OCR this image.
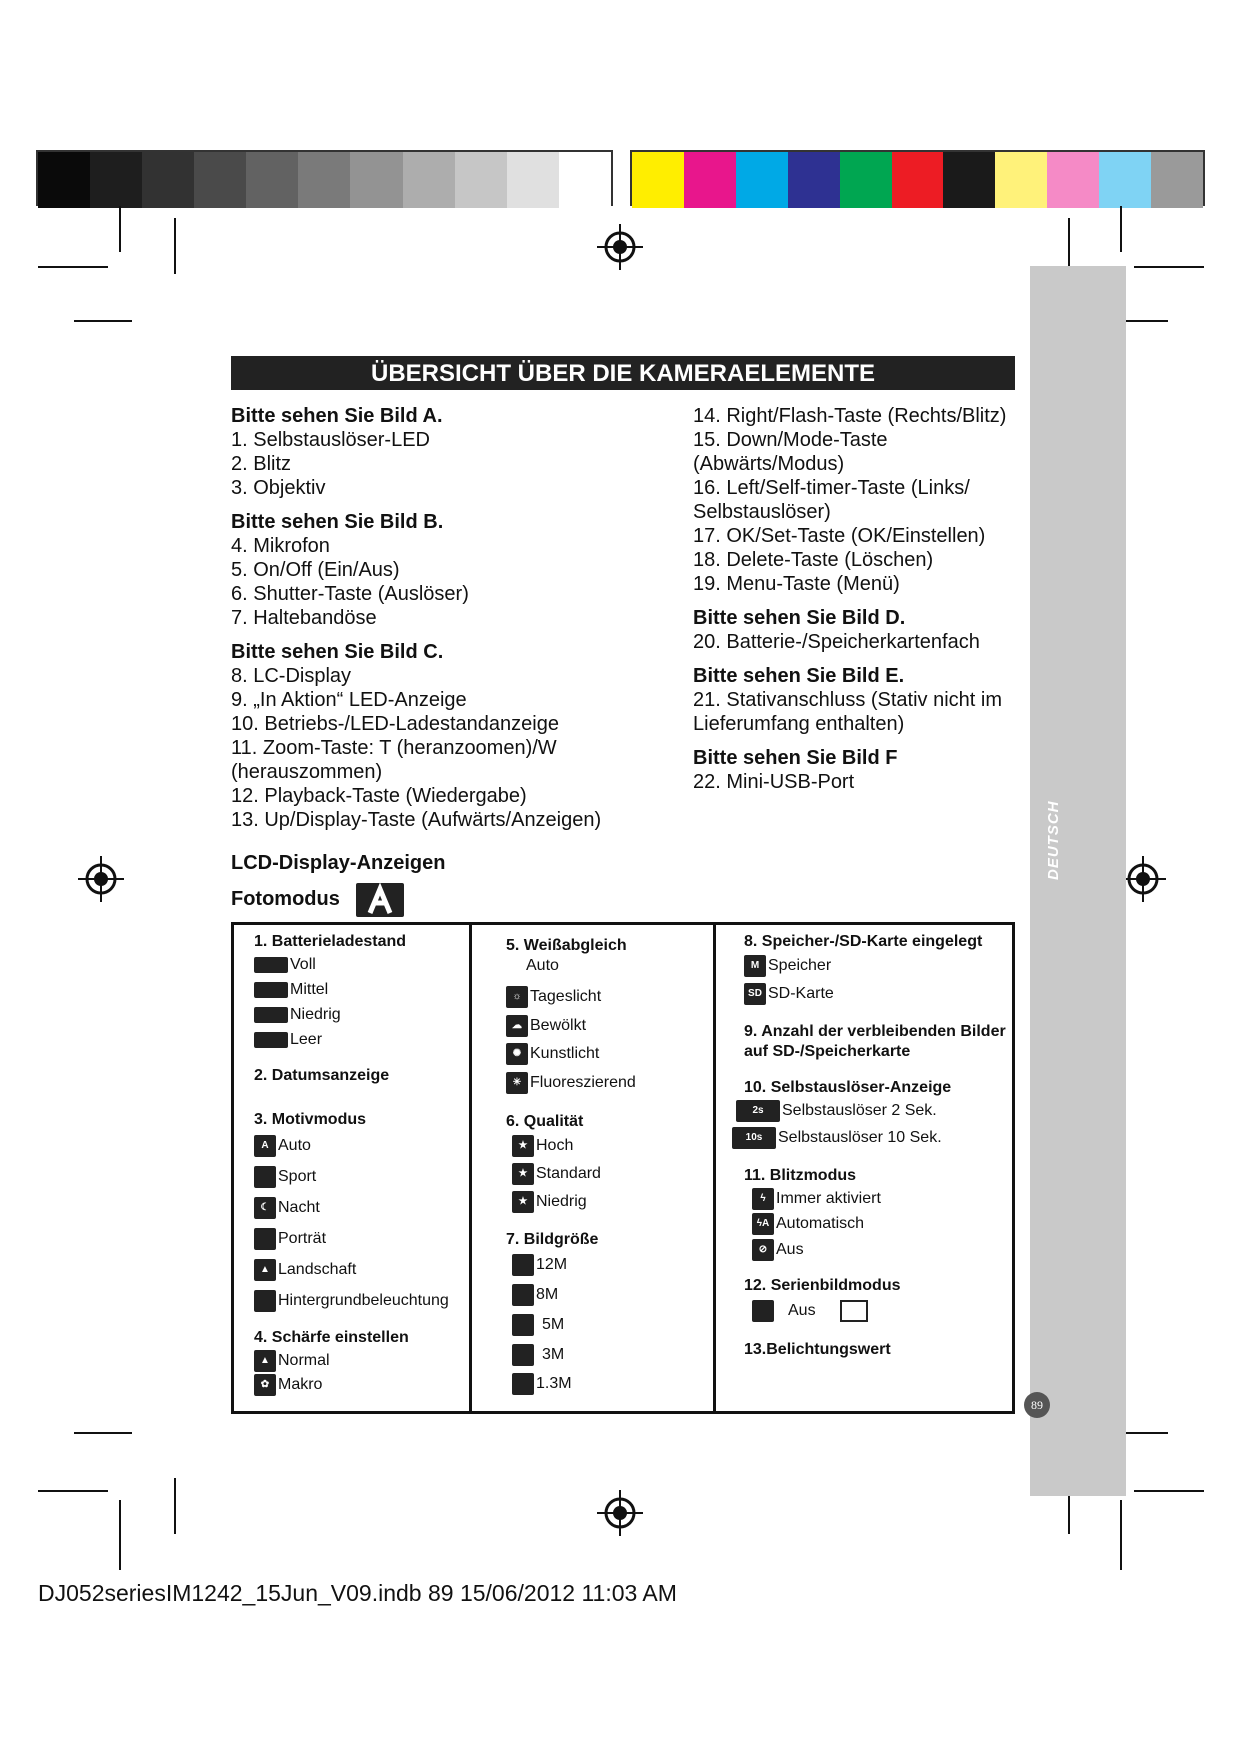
DEUTSCH
ÜBERSICHT ÜBER DIE KAMERAELEMENTE
Bitte sehen Sie Bild A.
1. Selbstauslöser-LED
2. Blitz
3. Objektiv
Bitte sehen Sie Bild B.
4. Mikrofon
5. On/Off (Ein/Aus)
6. Shutter-Taste (Auslöser)
7. Haltebandöse
Bitte sehen Sie Bild C.
8. LC-Display
9. „In Aktion“ LED-Anzeige
10. Betriebs-/LED-Ladestandanzeige
11. Zoom-Taste: T (heranzoomen)/W (herauszommen)
12. Playback-Taste (Wiedergabe)
13. Up/Display-Taste (Aufwärts/Anzeigen)
14. Right/Flash-Taste (Rechts/Blitz)
15. Down/Mode-Taste (Abwärts/Modus)
16. Left/Self-timer-Taste (Links/ Selbstauslöser)
17. OK/Set-Taste (OK/Einstellen)
18. Delete-Taste (Löschen)
19. Menu-Taste (Menü)
Bitte sehen Sie Bild D.
20. Batterie-/Speicherkartenfach
Bitte sehen Sie Bild E.
21. Stativanschluss (Stativ nicht im Lieferumfang enthalten)
Bitte sehen Sie Bild F
22. Mini-USB-Port
LCD-Display-Anzeigen
Fotomodus
1. Batterieladestand
Voll
Mittel
Niedrig
Leer
2. Datumsanzeige
3. Motivmodus
A Auto
Sport
☾ Nacht
Porträt
▲ Landschaft
Hintergrundbeleuchtung
4. Schärfe einstellen
▲ Normal
✿ Makro
5. Weißabgleich
Auto
☼ Tageslicht
☁ Bewölkt
✺ Kunstlicht
✳ Fluoreszierend
6. Qualität
★ Hoch
★ Standard
★ Niedrig
7. Bildgröße
12M
8M
5M
3M
1.3M
8. Speicher-/SD-Karte eingelegt
M Speicher
SD SD-Karte
9. Anzahl der verbleibenden Bilder auf SD-/Speicherkarte
10. Selbstauslöser-Anzeige
2s	Selbstauslöser 2 Sek.
10s Selbstauslöser 10 Sek.
11. Blitzmodus
ϟ Immer aktiviert
ϟA Automatisch
⊘ Aus
12. Serienbildmodus
Aus
13.Belichtungswert
89
DJ052seriesIM1242_15Jun_V09.indb 89 15/06/2012 11:03 AM
